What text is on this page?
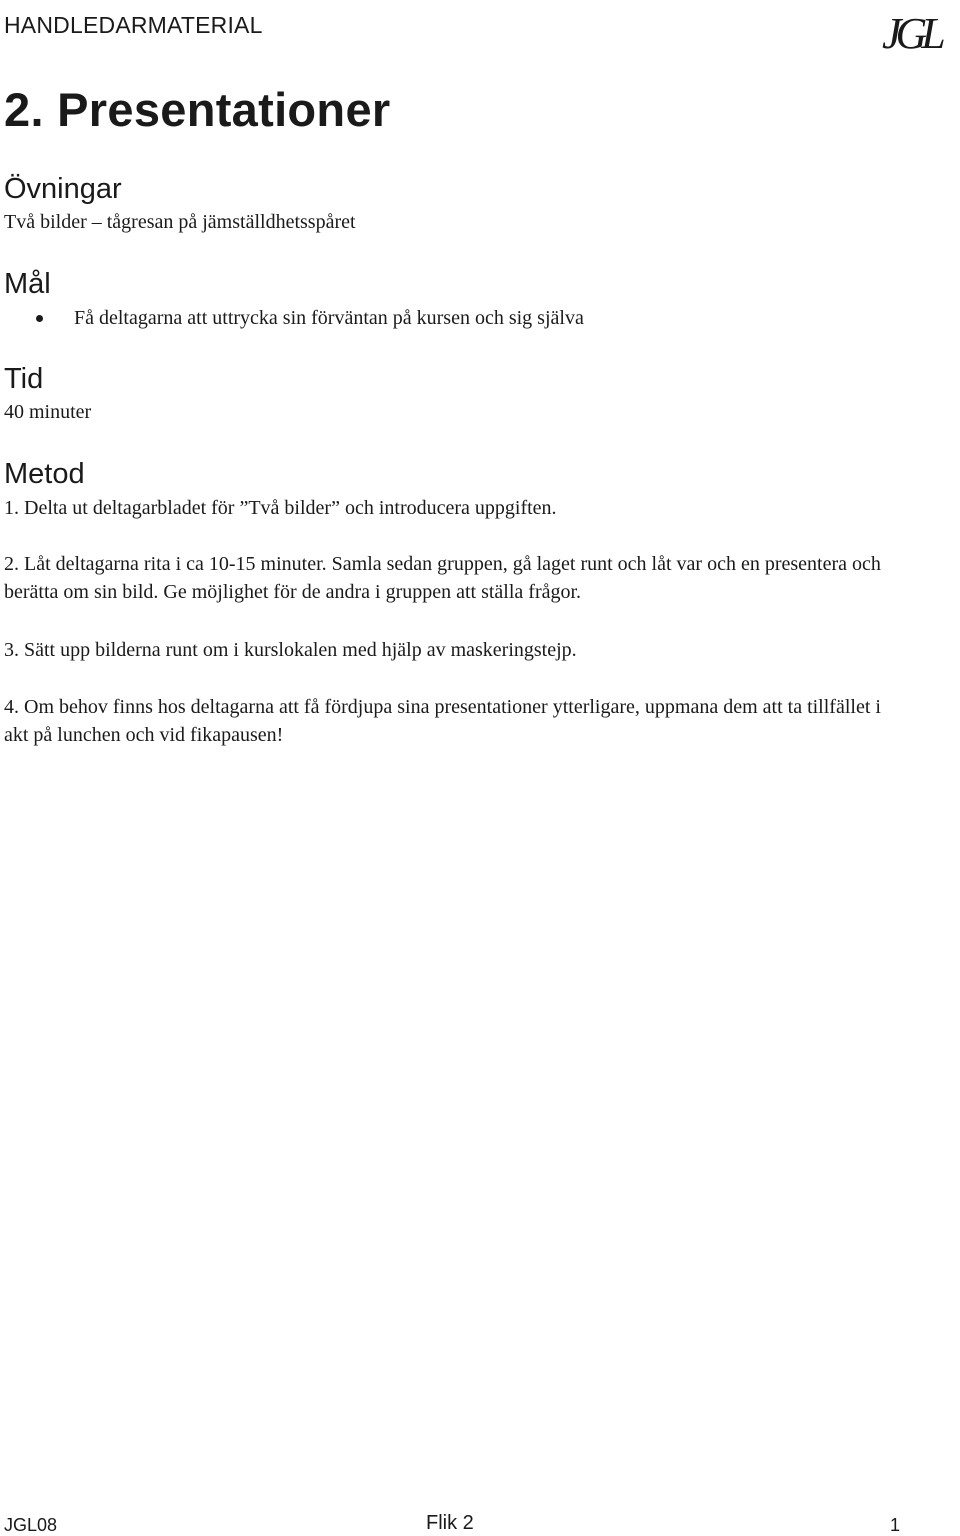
HANDLEDARMATERIAL	JGL
2. Presentationer
Övningar

Två bilder – tågresan på jämställdhetsspåret

Mål
Få deltagarna att uttrycka sin förväntan på kursen och sig själva
Tid

40 minuter

Metod

1. Delta ut deltagarbladet för ”Två bilder” och introducera uppgiften.

2. Låt deltagarna rita i ca 10-15 minuter. Samla sedan gruppen, gå laget runt och låt var och en presentera och berätta om sin bild. Ge möjlighet för de andra i gruppen att ställa frågor.

3. Sätt upp bilderna runt om i kurslokalen med hjälp av maskeringstejp.

4. Om behov finns hos deltagarna att få fördjupa sina presentationer ytterligare, uppmana dem att ta tillfället i akt på lunchen och vid fikapausen!

JGL08	Flik 2	1
